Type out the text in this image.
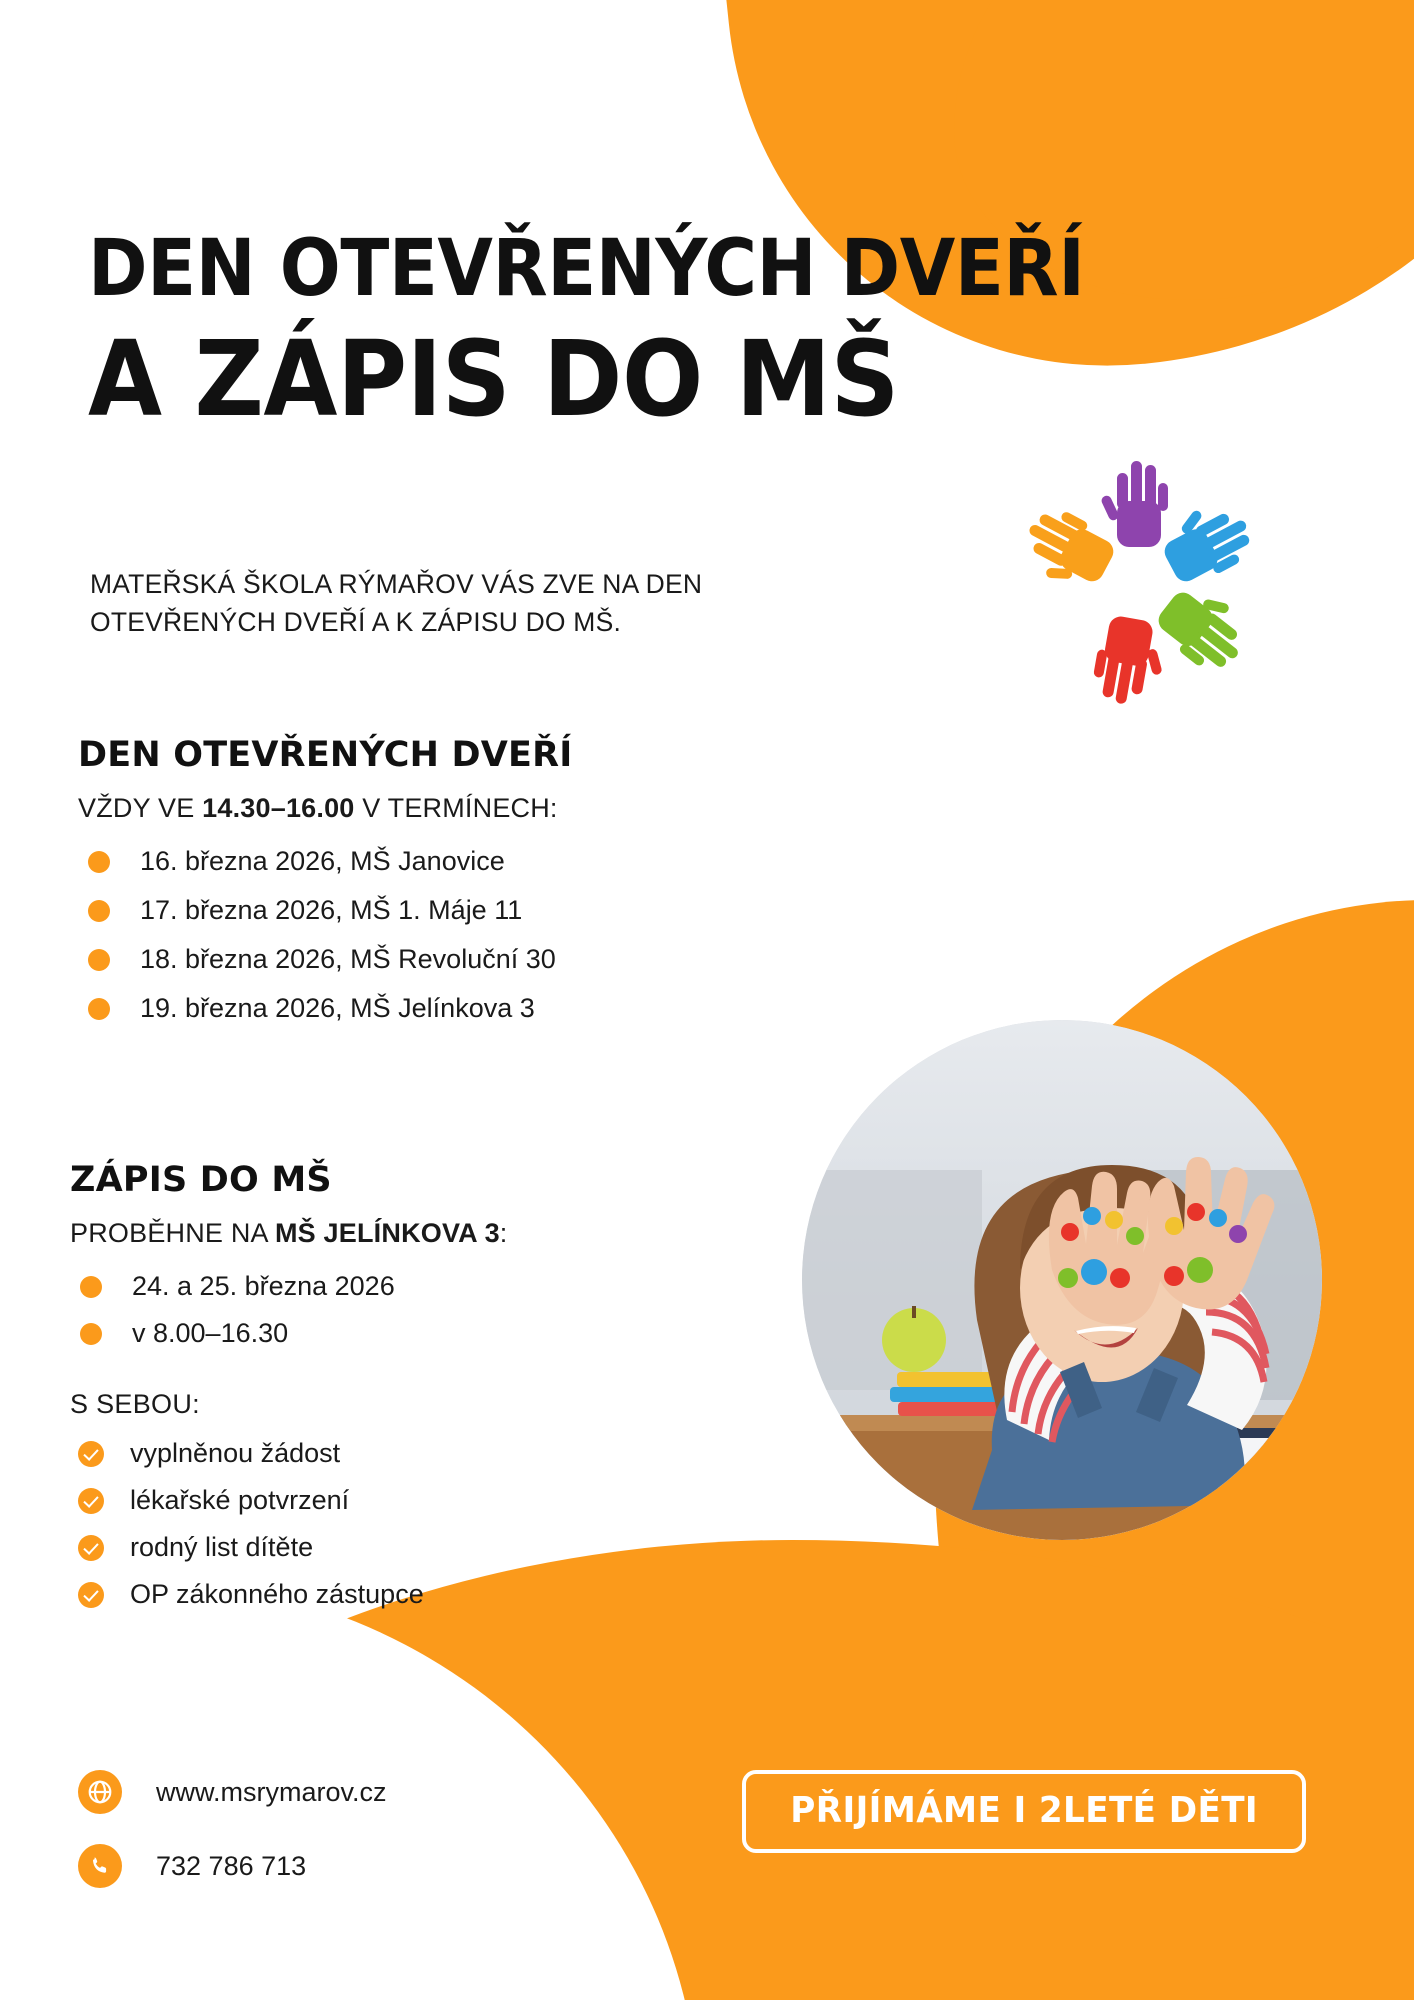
DEN OTEVŘENÝCH DVEŘÍ
A ZÁPIS DO MŠ
MATEŘSKÁ ŠKOLA RÝMAŘOV VÁS ZVE NA DEN OTEVŘENÝCH DVEŘÍ A K ZÁPISU DO MŠ.
DEN OTEVŘENÝCH DVEŘÍ
VŽDY VE 14.30–16.00 V TERMÍNECH:
16. března 2026, MŠ Janovice
17. března 2026, MŠ 1. Máje 11
18. března 2026, MŠ Revoluční 30
19. března 2026, MŠ Jelínkova 3
ZÁPIS DO MŠ
PROBĚHNE NA MŠ JELÍNKOVA 3:
24. a 25. března 2026
v 8.00–16.30
S SEBOU:
vyplněnou žádost
lékařské potvrzení
rodný list dítěte
OP zákonného zástupce
www.msrymarov.cz
732 786 713
PŘIJÍMÁME I 2LETÉ DĚTI
